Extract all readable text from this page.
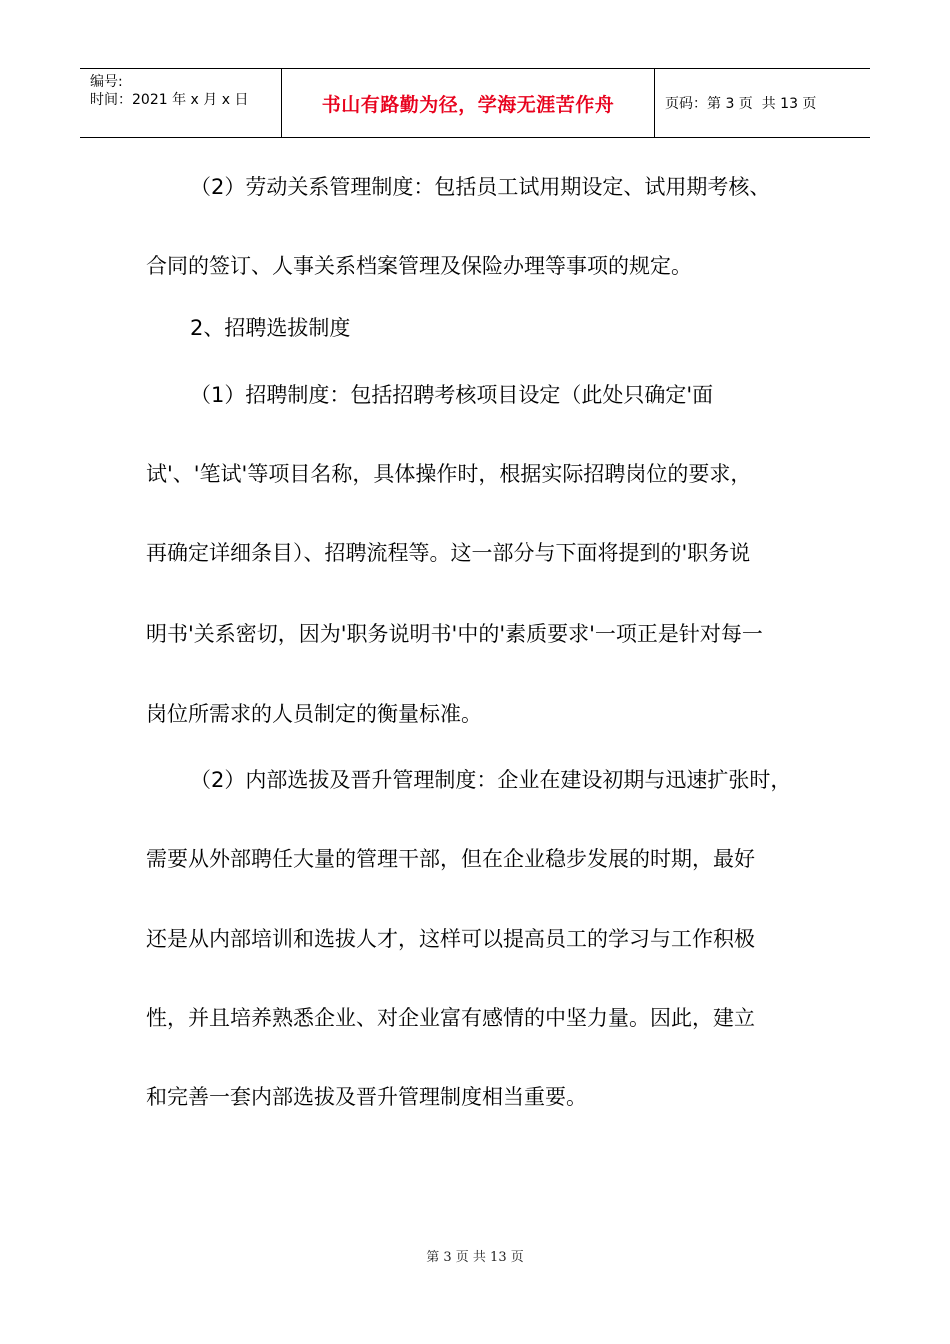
编号:
时间：2021 年 x 月 x 日	书山有路勤为径，学海无涯苦作舟	页码：第 3 页  共 13 页
（2）劳动关系管理制度：包括员工试用期设定、试用期考核、
合同的签订、人事关系档案管理及保险办理等事项的规定。
2、招聘选拔制度
（1）招聘制度：包括招聘考核项目设定（此处只确定'面
试'、'笔试'等项目名称，具体操作时，根据实际招聘岗位的要求，
再确定详细条目）、招聘流程等。这一部分与下面将提到的'职务说
明书'关系密切，因为'职务说明书'中的'素质要求'一项正是针对每一
岗位所需求的人员制定的衡量标准。
（2）内部选拔及晋升管理制度：企业在建设初期与迅速扩张时，
需要从外部聘任大量的管理干部，但在企业稳步发展的时期，最好
还是从内部培训和选拔人才，这样可以提高员工的学习与工作积极
性，并且培养熟悉企业、对企业富有感情的中坚力量。因此，建立
和完善一套内部选拔及晋升管理制度相当重要。
第 3 页 共 13 页
